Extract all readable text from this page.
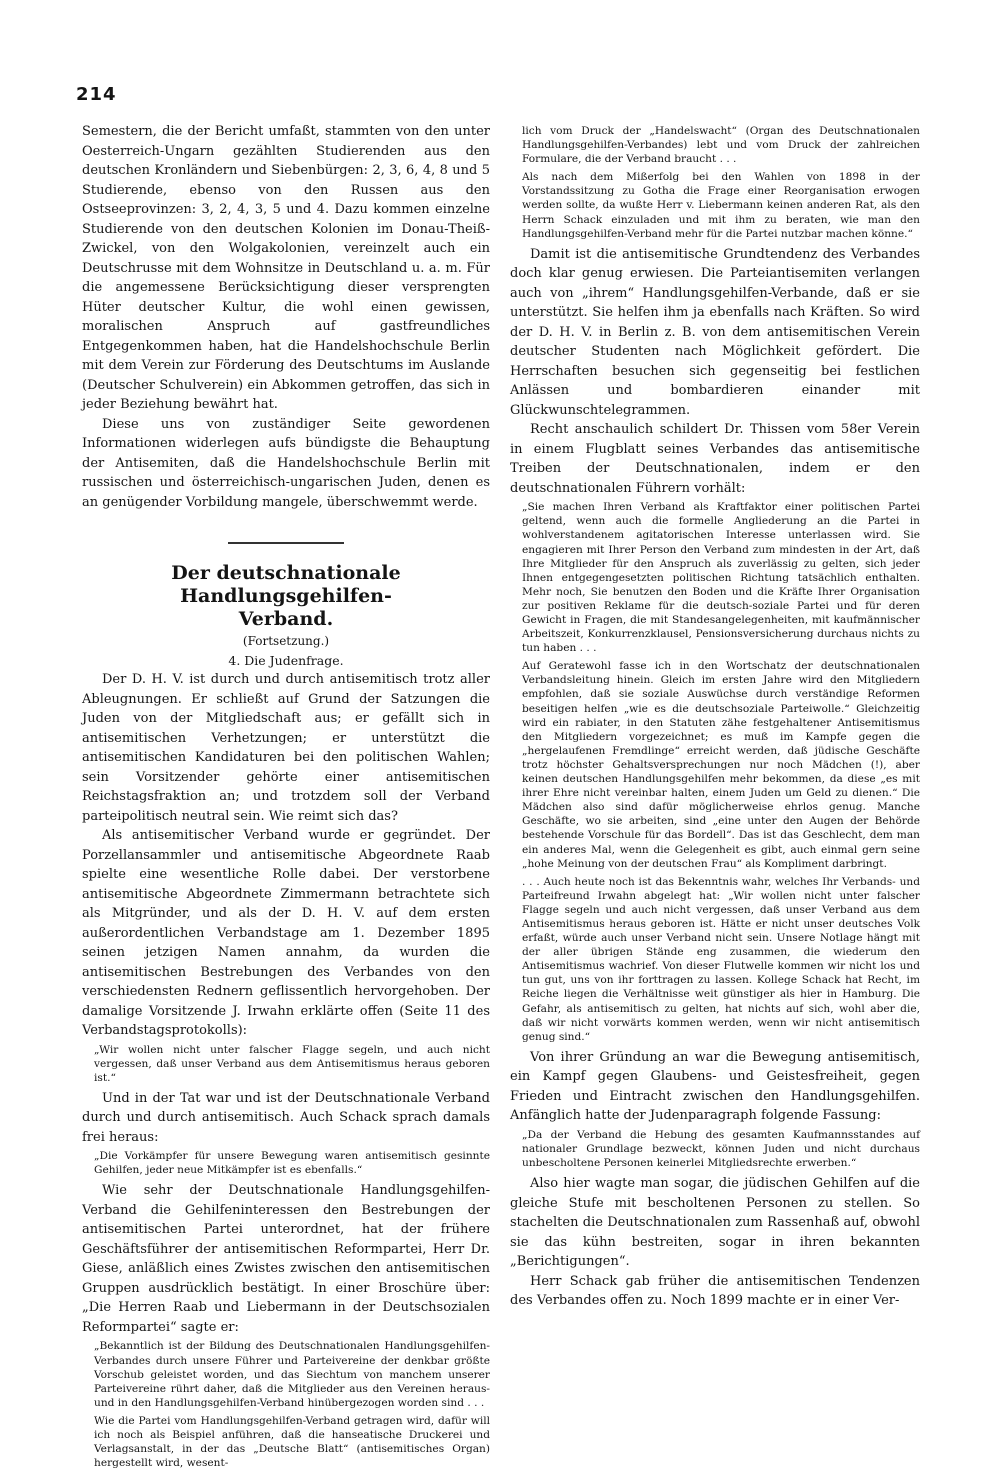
214

Semestern, die der Bericht umfaßt, stammten von den unter Oesterreich-Ungarn gezählten Studierenden aus den deutschen Kronländern und Siebenbürgen: 2, 3, 6, 4, 8 und 5 Studierende, ebenso von den Russen aus den Ostseeprovinzen: 3, 2, 4, 3, 5 und 4. Dazu kommen einzelne Studierende von den deutschen Kolonien im Donau-Theiß-Zwickel, von den Wolgakolonien, vereinzelt auch ein Deutschrusse mit dem Wohnsitze in Deutschland u. a. m. Für die angemessene Berücksichtigung dieser versprengten Hüter deutscher Kultur, die wohl einen gewissen, moralischen Anspruch auf gastfreundliches Entgegenkommen haben, hat die Handelshochschule Berlin mit dem Verein zur Förderung des Deutschtums im Auslande (Deutscher Schulverein) ein Abkommen getroffen, das sich in jeder Beziehung bewährt hat.

Diese uns von zuständiger Seite gewordenen Informationen widerlegen aufs bündigste die Behauptung der Antisemiten, daß die Handelshochschule Berlin mit russischen und österreichisch-ungarischen Juden, denen es an genügender Vorbildung mangele, überschwemmt werde.

Der deutschnationale Handlungsgehilfen-
Verband.

(Fortsetzung.)

4. Die Judenfrage.

Der D. H. V. ist durch und durch antisemitisch trotz aller Ableugnungen. Er schließt auf Grund der Satzungen die Juden von der Mitgliedschaft aus; er gefällt sich in antisemitischen Verhetzungen; er unterstützt die antisemitischen Kandidaturen bei den politischen Wahlen; sein Vorsitzender gehörte einer antisemitischen Reichstagsfraktion an; und trotzdem soll der Verband parteipolitisch neutral sein. Wie reimt sich das?

Als antisemitischer Verband wurde er gegründet. Der Porzellansammler und antisemitische Abgeordnete Raab spielte eine wesentliche Rolle dabei. Der verstorbene antisemitische Abgeordnete Zimmermann betrachtete sich als Mitgründer, und als der D. H. V. auf dem ersten außerordentlichen Verbandstage am 1. Dezember 1895 seinen jetzigen Namen annahm, da wurden die antisemitischen Bestrebungen des Verbandes von den verschiedensten Rednern geflissentlich hervorgehoben. Der damalige Vorsitzende J. Irwahn erklärte offen (Seite 11 des Verbandstagsprotokolls):

„Wir wollen nicht unter falscher Flagge segeln, und auch nicht vergessen, daß unser Verband aus dem Antisemitismus heraus geboren ist.“

Und in der Tat war und ist der Deutschnationale Verband durch und durch antisemitisch. Auch Schack sprach damals frei heraus:

„Die Vorkämpfer für unsere Bewegung waren antisemitisch gesinnte Gehilfen, jeder neue Mitkämpfer ist es ebenfalls.“

Wie sehr der Deutschnationale Handlungsgehilfen-Verband die Gehilfeninteressen den Bestrebungen der antisemitischen Partei unterordnet, hat der frühere Geschäftsführer der antisemitischen Reformpartei, Herr Dr. Giese, anläßlich eines Zwistes zwischen den antisemitischen Gruppen ausdrücklich bestätigt. In einer Broschüre über: „Die Herren Raab und Liebermann in der Deutschsozialen Reformpartei“ sagte er:

„Bekanntlich ist der Bildung des Deutschnationalen Handlungsgehilfen-Verbandes durch unsere Führer und Parteivereine der denkbar größte Vorschub geleistet worden, und das Siechtum von manchem unserer Parteivereine rührt daher, daß die Mitglieder aus den Vereinen heraus- und in den Handlungsgehilfen-Verband hinübergezogen worden sind . . .

Wie die Partei vom Handlungsgehilfen-Verband getragen wird, dafür will ich noch als Beispiel anführen, daß die hanseatische Druckerei und Verlagsanstalt, in der das „Deutsche Blatt“ (antisemitisches Organ) hergestellt wird, wesent-

lich vom Druck der „Handelswacht“ (Organ des Deutschnationalen Handlungsgehilfen-Verbandes) lebt und vom Druck der zahlreichen Formulare, die der Verband braucht . . .

Als nach dem Mißerfolg bei den Wahlen von 1898 in der Vorstandssitzung zu Gotha die Frage einer Reorganisation erwogen werden sollte, da wußte Herr v. Liebermann keinen anderen Rat, als den Herrn Schack einzuladen und mit ihm zu beraten, wie man den Handlungsgehilfen-Verband mehr für die Partei nutzbar machen könne.“

Damit ist die antisemitische Grundtendenz des Verbandes doch klar genug erwiesen. Die Parteiantisemiten verlangen auch von „ihrem“ Handlungsgehilfen-Verbande, daß er sie unterstützt. Sie helfen ihm ja ebenfalls nach Kräften. So wird der D. H. V. in Berlin z. B. von dem antisemitischen Verein deutscher Studenten nach Möglichkeit gefördert. Die Herrschaften besuchen sich gegenseitig bei festlichen Anlässen und bombardieren einander mit Glückwunschtelegrammen.

Recht anschaulich schildert Dr. Thissen vom 58er Verein in einem Flugblatt seines Verbandes das antisemitische Treiben der Deutschnationalen, indem er den deutschnationalen Führern vorhält:

„Sie machen Ihren Verband als Kraftfaktor einer politischen Partei geltend, wenn auch die formelle Angliederung an die Partei in wohlverstandenem agitatorischen Interesse unterlassen wird. Sie engagieren mit Ihrer Person den Verband zum mindesten in der Art, daß Ihre Mitglieder für den Anspruch als zuverlässig zu gelten, sich jeder Ihnen entgegengesetzten politischen Richtung tatsächlich enthalten. Mehr noch, Sie benutzen den Boden und die Kräfte Ihrer Organisation zur positiven Reklame für die deutsch-soziale Partei und für deren Gewicht in Fragen, die mit Standesangelegenheiten, mit kaufmännischer Arbeitszeit, Konkurrenzklausel, Pensionsversicherung durchaus nichts zu tun haben . . .

Auf Geratewohl fasse ich in den Wortschatz der deutschnationalen Verbandsleitung hinein. Gleich im ersten Jahre wird den Mitgliedern empfohlen, daß sie soziale Auswüchse durch verständige Reformen beseitigen helfen „wie es die deutschsoziale Parteiwolle.“ Gleichzeitig wird ein rabiater, in den Statuten zähe festgehaltener Antisemitismus den Mitgliedern vorgezeichnet; es muß im Kampfe gegen die „hergelaufenen Fremdlinge“ erreicht werden, daß jüdische Geschäfte trotz höchster Gehaltsversprechungen nur noch Mädchen (!), aber keinen deutschen Handlungsgehilfen mehr bekommen, da diese „es mit ihrer Ehre nicht vereinbar halten, einem Juden um Geld zu dienen.“ Die Mädchen also sind dafür möglicherweise ehrlos genug. Manche Geschäfte, wo sie arbeiten, sind „eine unter den Augen der Behörde bestehende Vorschule für das Bordell“. Das ist das Geschlecht, dem man ein anderes Mal, wenn die Gelegenheit es gibt, auch einmal gern seine „hohe Meinung von der deutschen Frau“ als Kompliment darbringt.

. . . Auch heute noch ist das Bekenntnis wahr, welches Ihr Verbands- und Parteifreund Irwahn abgelegt hat: „Wir wollen nicht unter falscher Flagge segeln und auch nicht vergessen, daß unser Verband aus dem Antisemitismus heraus geboren ist. Hätte er nicht unser deutsches Volk erfaßt, würde auch unser Verband nicht sein. Unsere Notlage hängt mit der aller übrigen Stände eng zusammen, die wiederum den Antisemitismus wachrief. Von dieser Flutwelle kommen wir nicht los und tun gut, uns von ihr forttragen zu lassen. Kollege Schack hat Recht, im Reiche liegen die Verhältnisse weit günstiger als hier in Hamburg. Die Gefahr, als antisemitisch zu gelten, hat nichts auf sich, wohl aber die, daß wir nicht vorwärts kommen werden, wenn wir nicht antisemitisch genug sind.“

Von ihrer Gründung an war die Bewegung antisemitisch, ein Kampf gegen Glaubens- und Geistesfreiheit, gegen Frieden und Eintracht zwischen den Handlungsgehilfen. Anfänglich hatte der Judenparagraph folgende Fassung:

„Da der Verband die Hebung des gesamten Kaufmannsstandes auf nationaler Grundlage bezweckt, können Juden und nicht durchaus unbescholtene Personen keinerlei Mitgliedsrechte erwerben.“

Also hier wagte man sogar, die jüdischen Gehilfen auf die gleiche Stufe mit bescholtenen Personen zu stellen. So stachelten die Deutschnationalen zum Rassenhaß auf, obwohl sie das kühn bestreiten, sogar in ihren bekannten „Berichtigungen“.

Herr Schack gab früher die antisemitischen Tendenzen des Verbandes offen zu. Noch 1899 machte er in einer Ver-
